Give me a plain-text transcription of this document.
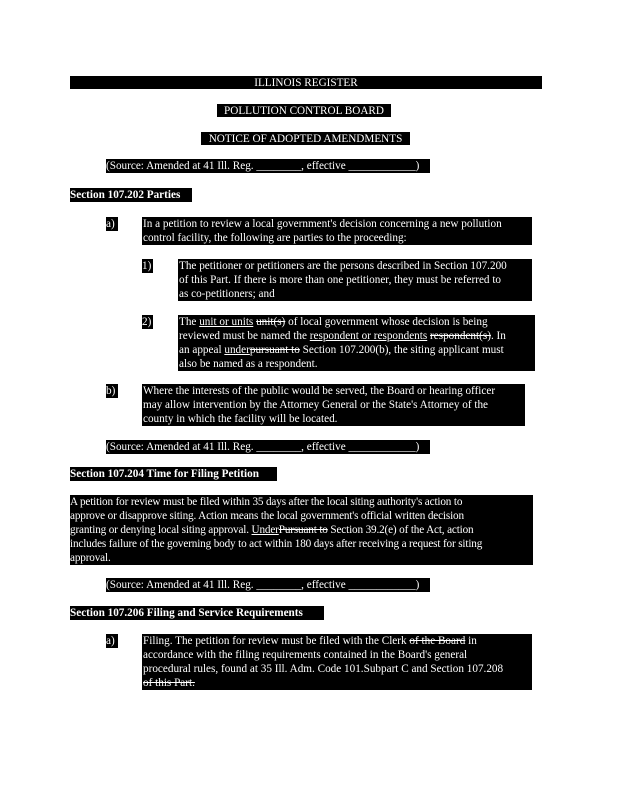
ILLINOIS REGISTER
POLLUTION CONTROL BOARD
NOTICE OF ADOPTED AMENDMENTS
(Source: Amended at 41 Ill. Reg. ________, effective ____________)
Section 107.202 Parties
a)	In a petition to review a local government's decision concerning a new pollution
control facility, the following are parties to the proceeding:
1) The petitioner or petitioners are the persons described in Section 107.200
of this Part. If there is more than one petitioner, they must be referred to
as co-petitioners; and
2) The unit or units unit(s) of local government whose decision is being
reviewed must be named the respondent or respondents respondent(s). In
an appeal underpursuant to Section 107.200(b), the siting applicant must
also be named as a respondent.
b) Where the interests of the public would be served, the Board or hearing officer
may allow intervention by the Attorney General or the State's Attorney of the
county in which the facility will be located.
(Source: Amended at 41 Ill. Reg. ________, effective ____________)
Section 107.204 Time for Filing Petition
A petition for review must be filed within 35 days after the local siting authority's action to
approve or disapprove siting. Action means the local government's official written decision
granting or denying local siting approval. UnderPursuant to Section 39.2(e) of the Act, action
includes failure of the governing body to act within 180 days after receiving a request for siting
approval.
(Source: Amended at 41 Ill. Reg. ________, effective ____________)
Section 107.206 Filing and Service Requirements
a)	Filing. The petition for review must be filed with the Clerk of the Board in
accordance with the filing requirements contained in the Board's general
procedural rules, found at 35 Ill. Adm. Code 101.Subpart C and Section 107.208
of this Part.
